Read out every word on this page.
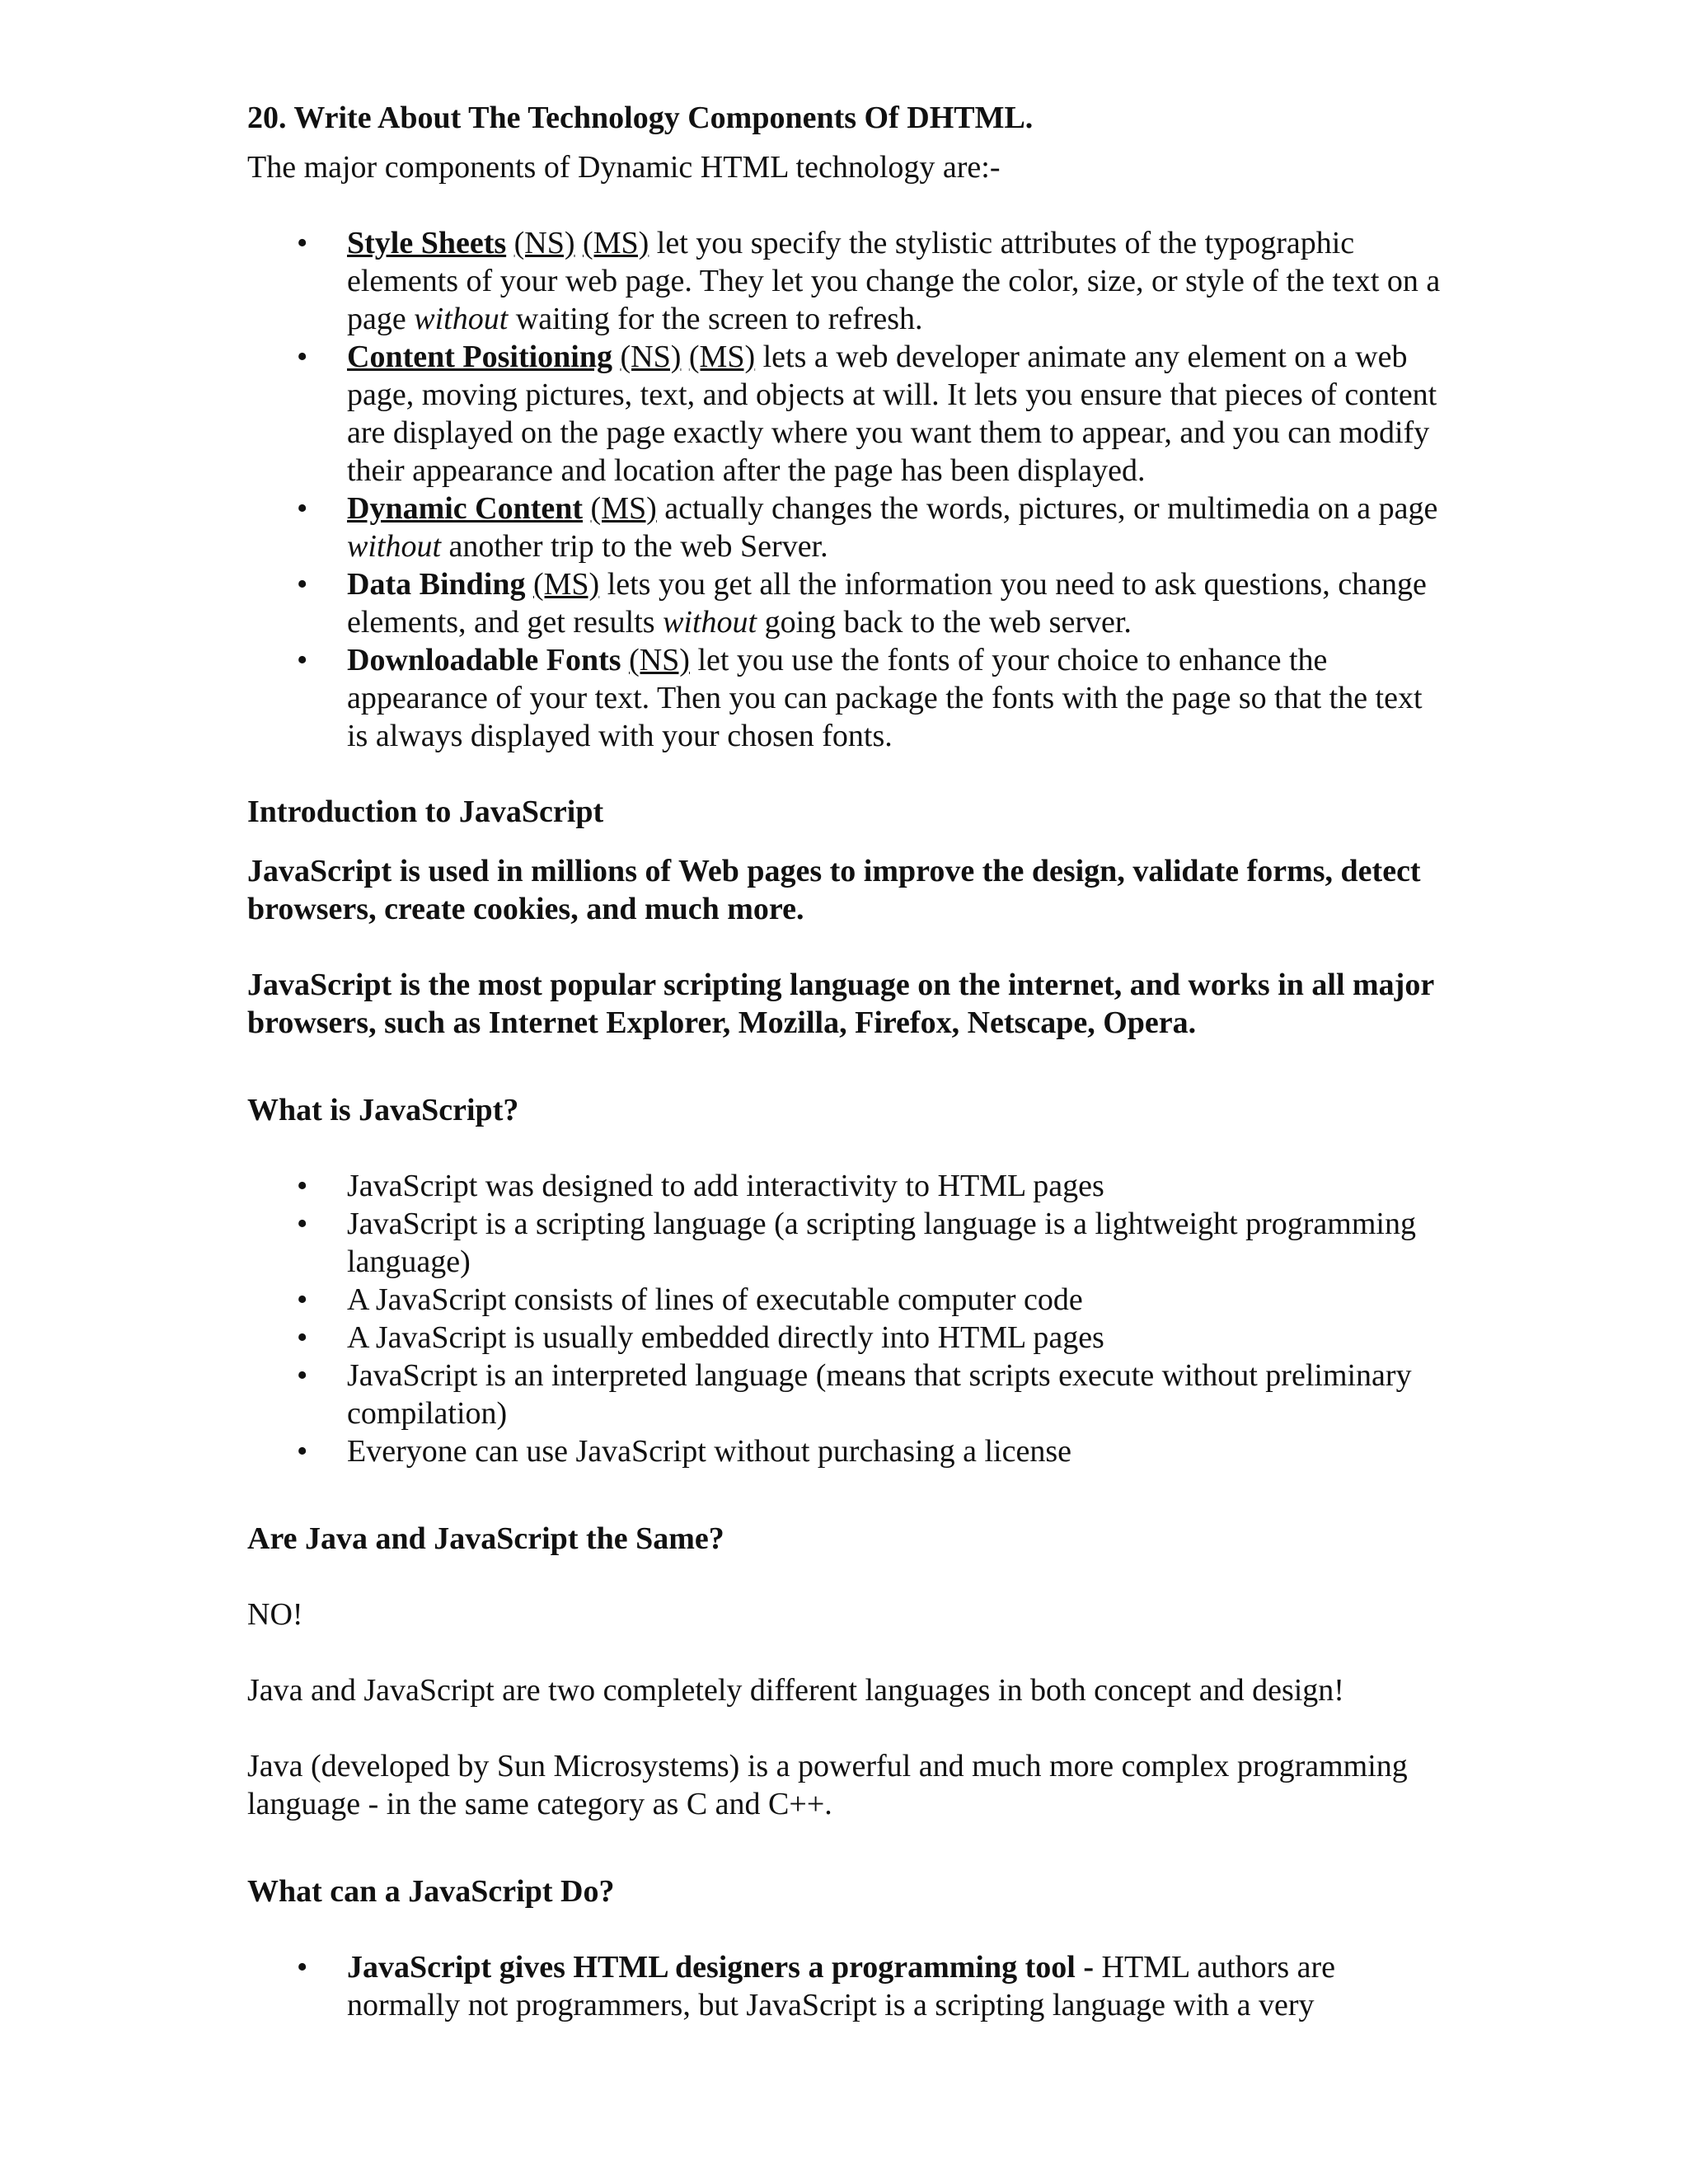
20. Write About The Technology Components Of DHTML.

The major components of Dynamic HTML technology are:-

• Style Sheets (NS) (MS) let you specify the stylistic attributes of the typographic elements of your web page. They let you change the color, size, or style of the text on a page without waiting for the screen to refresh.
• Content Positioning (NS) (MS) lets a web developer animate any element on a web page, moving pictures, text, and objects at will. It lets you ensure that pieces of content are displayed on the page exactly where you want them to appear, and you can modify their appearance and location after the page has been displayed.
• Dynamic Content (MS) actually changes the words, pictures, or multimedia on a page without another trip to the web Server.
• Data Binding (MS) lets you get all the information you need to ask questions, change elements, and get results without going back to the web server.
• Downloadable Fonts (NS) let you use the fonts of your choice to enhance the appearance of your text. Then you can package the fonts with the page so that the text is always displayed with your chosen fonts.
Introduction to JavaScript

JavaScript is used in millions of Web pages to improve the design, validate forms, detect browsers, create cookies, and much more.

JavaScript is the most popular scripting language on the internet, and works in all major browsers, such as Internet Explorer, Mozilla, Firefox, Netscape, Opera.

What is JavaScript?
• JavaScript was designed to add interactivity to HTML pages
• JavaScript is a scripting language (a scripting language is a lightweight programming language)
• A JavaScript consists of lines of executable computer code
• A JavaScript is usually embedded directly into HTML pages
• JavaScript is an interpreted language (means that scripts execute without preliminary compilation)
• Everyone can use JavaScript without purchasing a license
Are Java and JavaScript the Same?

NO!

Java and JavaScript are two completely different languages in both concept and design!

Java (developed by Sun Microsystems) is a powerful and much more complex programming language - in the same category as C and C++.

What can a JavaScript Do?
• JavaScript gives HTML designers a programming tool - HTML authors are normally not programmers, but JavaScript is a scripting language with a very
